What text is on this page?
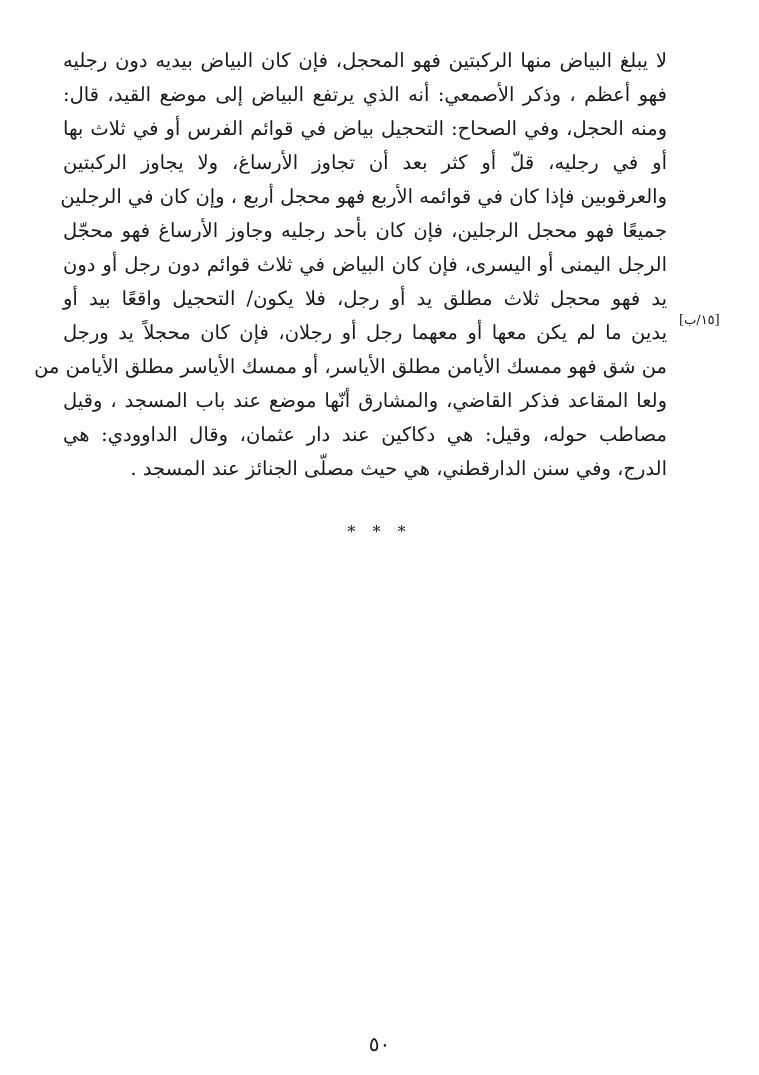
لا يبلغ البياض منها الركبتين فهو المحجل، فإن كان البياض بيديه دون رجليه
فهو أعظم ، وذكر الأصمعي: أنه الذي يرتفع البياض إلى موضع القيد، قال:
ومنه الحجل، وفي الصحاح: التحجيل بياض في قوائم الفرس أو في ثلاث بها
أو في رجليه، قلّ أو كثر بعد أن تجاوز الأرساغ، ولا يجاوز الركبتين
والعرقوبين فإذا كان في قوائمه الأربع فهو محجل أربع ، وإن كان في الرجلين
جميعًا فهو محجل الرجلين، فإن كان بأحد رجليه وجاوز الأرساغ فهو محجّل
الرجل اليمنى أو اليسرى، فإن كان البياض في ثلاث قوائم دون رجل أو دون
يد فهو محجل ثلاث مطلق يد أو رجل، فلا يكون/ التحجيل واقعًا بيد أو
يدين ما لم يكن معها أو معهما رجل أو رجلان، فإن كان محجلاً يد ورجل
من شق فهو ممسك الأيامن مطلق الأياسر، أو ممسك الأياسر مطلق الأيامن من
ولعا المقاعد فذكر القاضي، والمشارق أنّها موضع عند باب المسجد ، وقيل
مصاطب حوله، وقيل: هي دكاكين عند دار عثمان، وقال الداوودي: هي
الدرج، وفي سنن الدارقطني، هي حيث مصلّى الجنائز عند المسجد .
[١٥/ب]
* * *
٥٠
